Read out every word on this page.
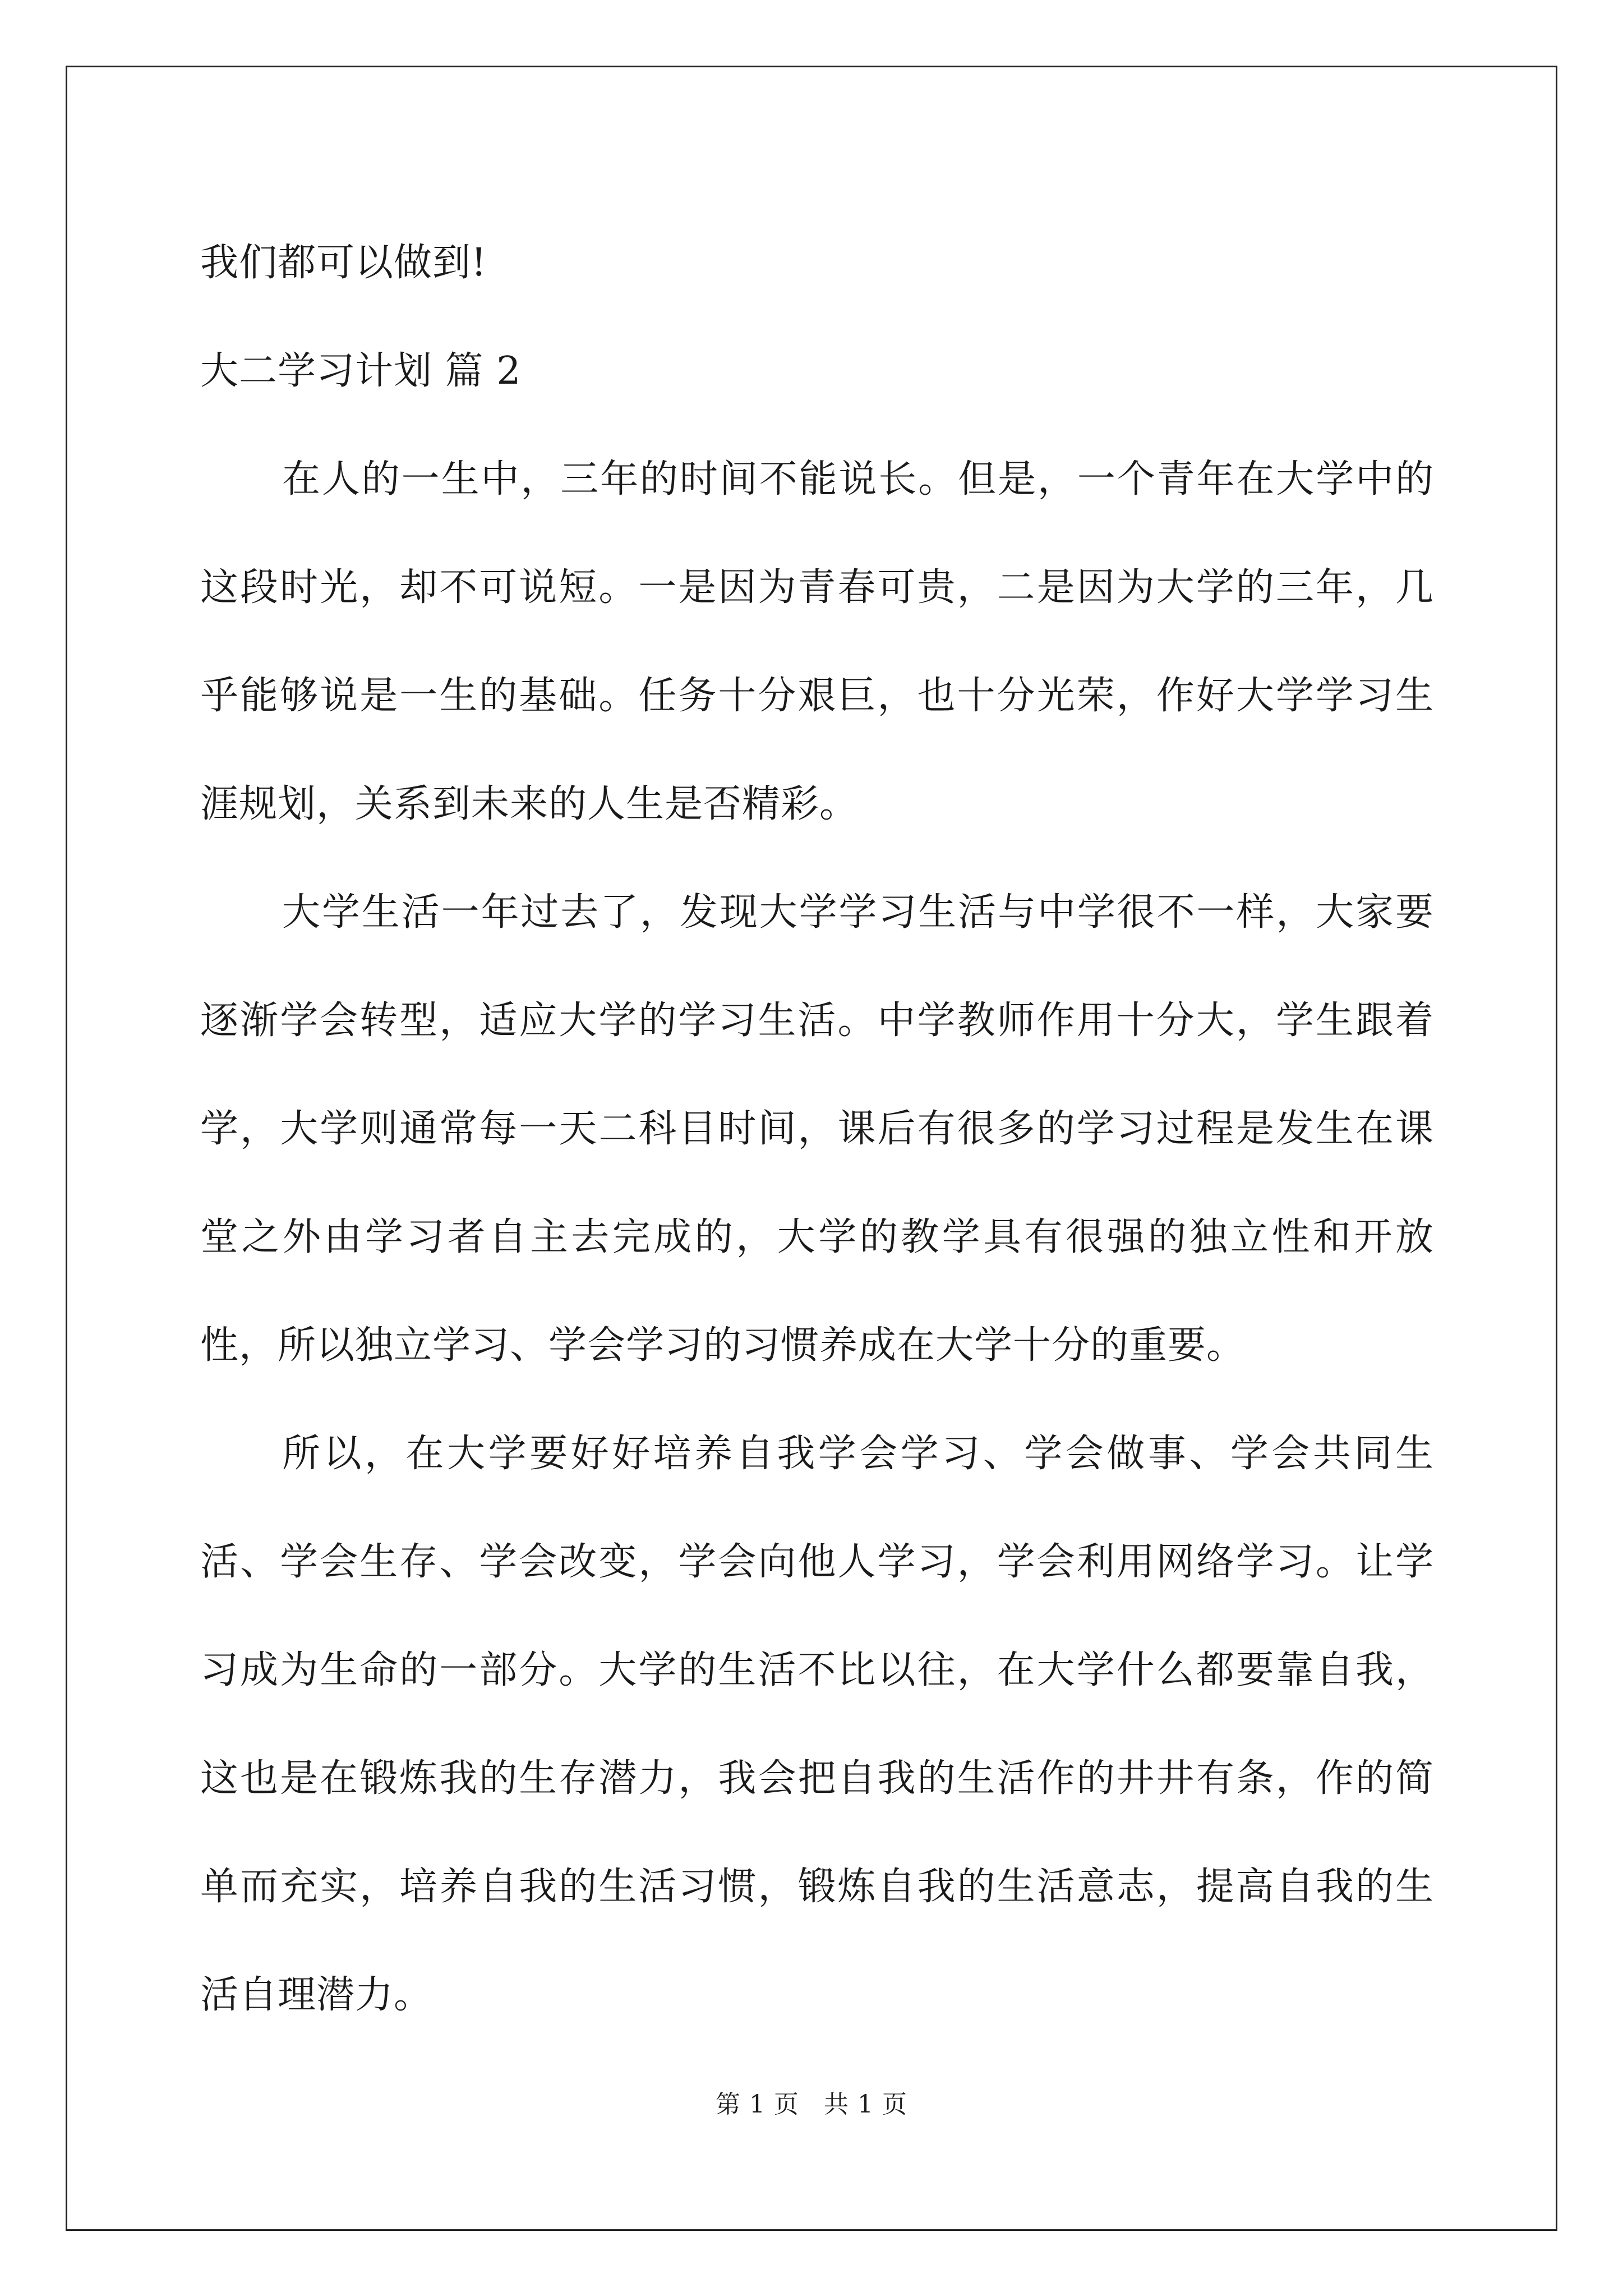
我们都可以做到!
大二学习计划 篇 2

在人的一生中，三年的时间不能说长。但是，一个青年在大学中的这段时光，却不可说短。一是因为青春可贵，二是因为大学的三年，几乎能够说是一生的基础。任务十分艰巨，也十分光荣，作好大学学习生涯规划，关系到未来的人生是否精彩。

大学生活一年过去了，发现大学学习生活与中学很不一样，大家要逐渐学会转型，适应大学的学习生活。中学教师作用十分大，学生跟着学，大学则通常每一天二科目时间，课后有很多的学习过程是发生在课堂之外由学习者自主去完成的，大学的教学具有很强的独立性和开放性，所以独立学习、学会学习的习惯养成在大学十分的重要。

所以，在大学要好好培养自我学会学习、学会做事、学会共同生活、学会生存、学会改变，学会向他人学习，学会利用网络学习。让学习成为生命的一部分。大学的生活不比以往，在大学什么都要靠自我，这也是在锻炼我的生存潜力，我会把自我的生活作的井井有条，作的简单而充实，培养自我的生活习惯，锻炼自我的生活意志，提高自我的生活自理潜力。

第 1 页 共 1 页
